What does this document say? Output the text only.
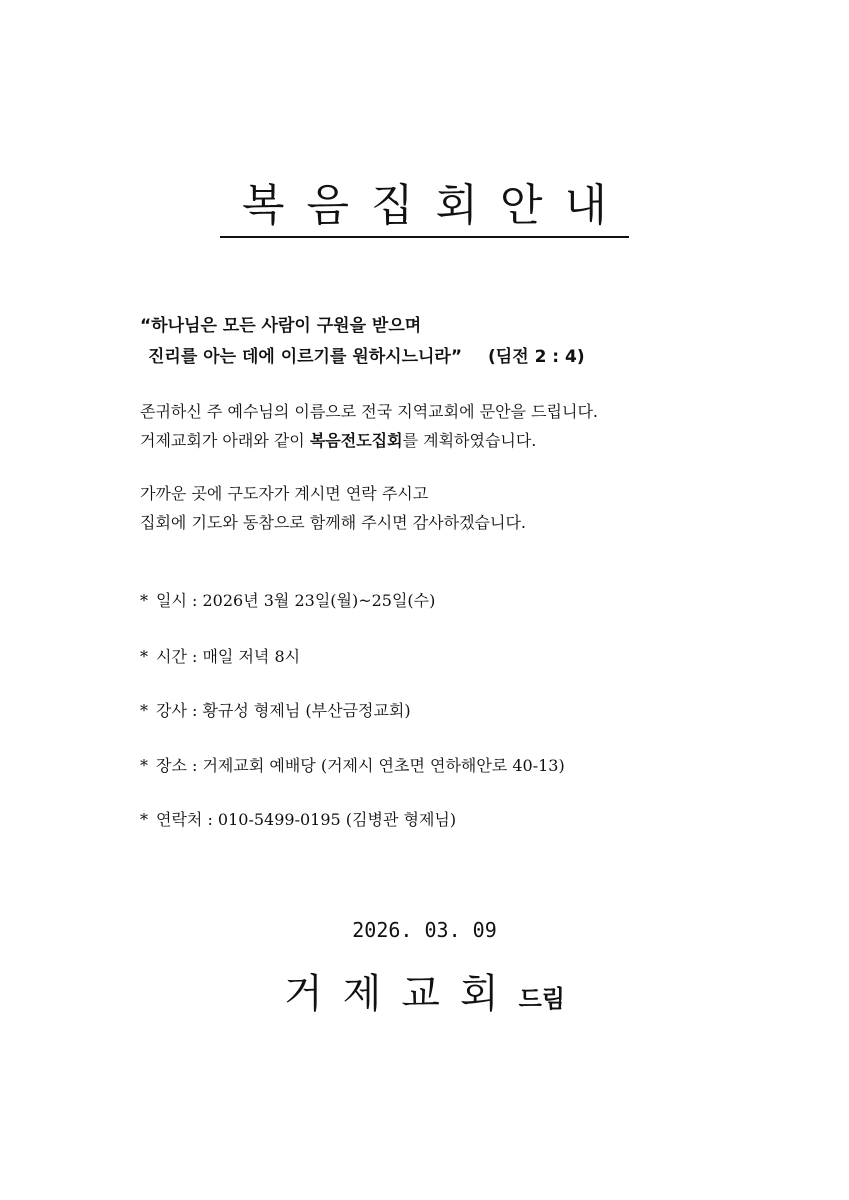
복음집회안내
“하나님은 모든 사람이 구원을 받으며
진리를 아는 데에 이르기를 원하시느니라” (딤전 2 : 4)
존귀하신 주 예수님의 이름으로 전국 지역교회에 문안을 드립니다.
거제교회가 아래와 같이 복음전도집회를 계획하였습니다.
가까운 곳에 구도자가 계시면 연락 주시고
집회에 기도와 동참으로 함께해 주시면 감사하겠습니다.
* 일시 : 2026년 3월 23일(월)~25일(수)
* 시간 : 매일 저녁 8시
* 강사 : 황규성 형제님 (부산금정교회)
* 장소 : 거제교회 예배당 (거제시 연초면 연하해안로 40-13)
* 연락처 : 010-5499-0195 (김병관 형제님)
2026. 03. 09
거제교회드림
